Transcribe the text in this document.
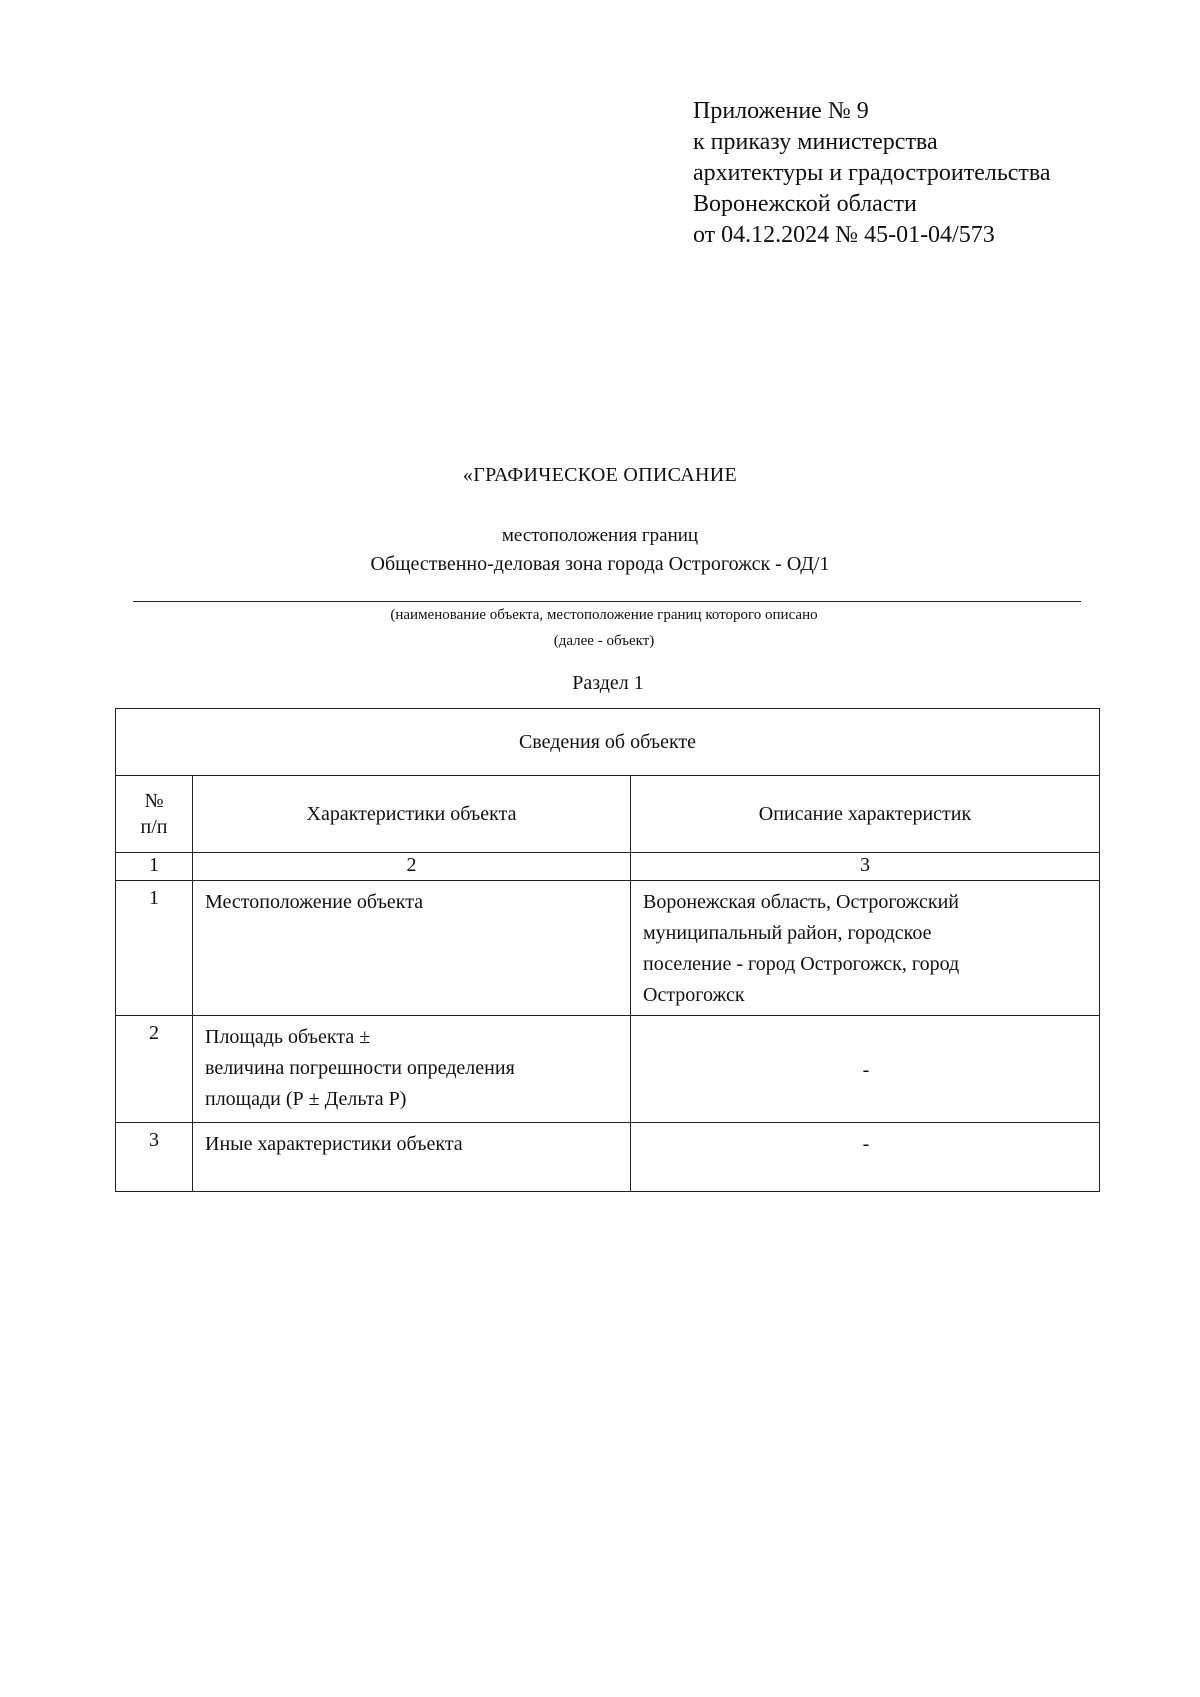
Приложение № 9
к приказу министерства
архитектуры и градостроительства
Воронежской области
от 04.12.2024 № 45-01-04/573
«ГРАФИЧЕСКОЕ ОПИСАНИЕ
местоположения границ
Общественно-деловая зона города Острогожск - ОД/1
(наименование объекта, местоположение границ которого описано
(далее - объект)
Раздел 1
Сведения об объекте		

№
п/п	Характеристики объекта	Описание характеристик
1	2	3
1	Местоположение объекта	Воронежская область, Острогожский
муниципальный район, городское
поселение - город Острогожск, город
Острогожск

2	Площадь объекта ±
величина погрешности определения
площади (Р ± Дельта Р)	-
3	Иные характеристики объекта	-
